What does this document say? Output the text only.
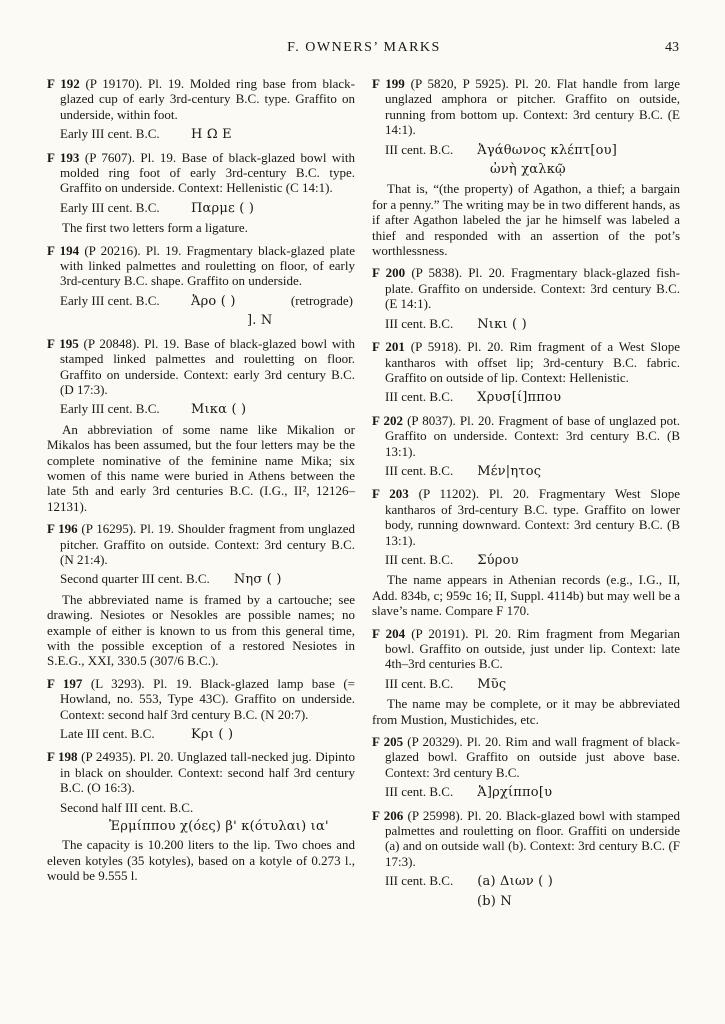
F. OWNERS’ MARKS	43

F 192 (P 19170). Pl. 19. Molded ring base from black-glazed cup of early 3rd-century B.C. type. Graffito on underside, within foot.

Early III cent. B.C.	Η Ω Ε

F 193 (P 7607). Pl. 19. Base of black-glazed bowl with molded ring foot of early 3rd-century B.C. type. Graffito on underside. Context: Hellenistic (C 14:1).

Early III cent. B.C.	Παρμε ( )

The first two letters form a ligature.

F 194 (P 20216). Pl. 19. Fragmentary black-glazed plate with linked palmettes and rouletting on floor, of early 3rd-century B.C. shape. Graffito on underside.

Early III cent. B.C.	Ἀρο ( )	(retrograde)
]. Ν

F 195 (P 20848). Pl. 19. Base of black-glazed bowl with stamped linked palmettes and rouletting on floor. Graffito on underside. Context: early 3rd century B.C. (D 17:3).

Early III cent. B.C.	Μικα ( )

An abbreviation of some name like Mikalion or Mikalos has been assumed, but the four letters may be the complete nominative of the feminine name Mika; six women of this name were buried in Athens between the late 5th and early 3rd centuries B.C. (I.G., II², 12126–12131).

F 196 (P 16295). Pl. 19. Shoulder fragment from unglazed pitcher. Graffito on outside. Context: 3rd century B.C. (N 21:4).

Second quarter III cent. B.C.	Νησ ( )

The abbreviated name is framed by a cartouche; see drawing. Nesiotes or Nesokles are possible names; no example of either is known to us from this general time, with the possible exception of a restored Nesiotes in S.E.G., XXI, 330.5 (307/6 B.C.).

F 197 (L 3293). Pl. 19. Black-glazed lamp base (= Howland, no. 553, Type 43C). Graffito on underside. Context: second half 3rd century B.C. (N 20:7).

Late III cent. B.C.	Κρι ( )

F 198 (P 24935). Pl. 20. Unglazed tall-necked jug. Dipinto in black on shoulder. Context: second half 3rd century B.C. (O 16:3).

Second half III cent. B.C.
Ἐρμίππου χ(όες) β' κ(ότυλαι) ια'

The capacity is 10.200 liters to the lip. Two choes and eleven kotyles (35 kotyles), based on a kotyle of 0.273 l., would be 9.555 l.

F 199 (P 5820, P 5925). Pl. 20. Flat handle from large unglazed amphora or pitcher. Graffito on outside, running from bottom up. Context: 3rd century B.C. (E 14:1).

III cent. B.C.	Ἀγάθωνος κλέπτ[ου]
ὠνὴ χαλκῷ

That is, “(the property) of Agathon, a thief; a bargain for a penny.” The writing may be in two different hands, as if after Agathon labeled the jar he himself was labeled a thief and responded with an assertion of the pot’s worthlessness.

F 200 (P 5838). Pl. 20. Fragmentary black-glazed fish-plate. Graffito on underside. Context: 3rd century B.C. (E 14:1).

III cent. B.C.	Νικι ( )

F 201 (P 5918). Pl. 20. Rim fragment of a West Slope kantharos with offset lip; 3rd-century B.C. fabric. Graffito on outside of lip. Context: Hellenistic.

III cent. B.C.	Χρυσ[ί]ππου

F 202 (P 8037). Pl. 20. Fragment of base of unglazed pot. Graffito on underside. Context: 3rd century B.C. (B 13:1).

III cent. B.C.	Μέν|ητος

F 203 (P 11202). Pl. 20. Fragmentary West Slope kantharos of 3rd-century B.C. type. Graffito on lower body, running downward. Context: 3rd century B.C. (B 13:1).

III cent. B.C.	Σύρου

The name appears in Athenian records (e.g., I.G., II, Add. 834b, c; 959c 16; II, Suppl. 4114b) but may well be a slave’s name. Compare F 170.

F 204 (P 20191). Pl. 20. Rim fragment from Megarian bowl. Graffito on outside, just under lip. Context: late 4th–3rd centuries B.C.

III cent. B.C.	Μῦς

The name may be complete, or it may be abbreviated from Mustion, Mustichides, etc.

F 205 (P 20329). Pl. 20. Rim and wall fragment of black-glazed bowl. Graffito on outside just above base. Context: 3rd century B.C.

III cent. B.C.	Ἀ]ρχίππο[υ

F 206 (P 25998). Pl. 20. Black-glazed bowl with stamped palmettes and rouletting on floor. Graffiti on underside (a) and on outside wall (b). Context: 3rd century B.C. (F 17:3).

III cent. B.C.	(a) Διων ( )
(b) Ν
